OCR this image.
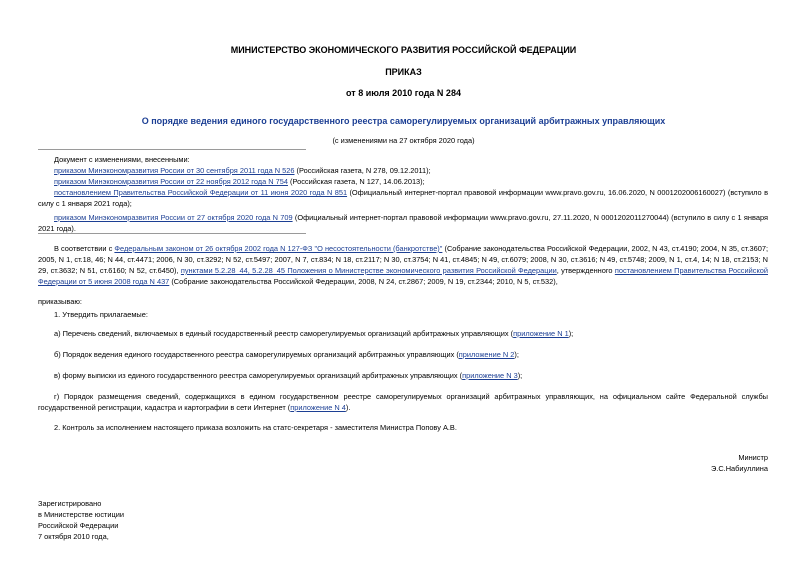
МИНИСТЕРСТВО ЭКОНОМИЧЕСКОГО РАЗВИТИЯ РОССИЙСКОЙ ФЕДЕРАЦИИ
ПРИКАЗ
от 8 июля 2010 года N 284
О порядке ведения единого государственного реестра саморегулируемых организаций арбитражных управляющих
(с изменениями на 27 октября 2020 года)
Документ с изменениями, внесенными:
приказом Минэкономразвития России от 30 сентября 2011 года N 526 (Российская газета, N 278, 09.12.2011);
приказом Минэкономразвития России от 22 ноября 2012 года N 754 (Российская газета, N 127, 14.06.2013);
постановлением Правительства Российской Федерации от 11 июня 2020 года N 851 (Официальный интернет-портал правовой информации www.pravo.gov.ru, 16.06.2020, N 0001202006160027) (вступило в силу с 1 января 2021 года);
приказом Минэкономразвития России от 27 октября 2020 года N 709 (Официальный интернет-портал правовой информации www.pravo.gov.ru, 27.11.2020, N 0001202011270044) (вступило в силу с 1 января 2021 года).
В соответствии с Федеральным законом от 26 октября 2002 года N 127-ФЗ "О несостоятельности (банкротстве)" (Собрание законодательства Российской Федерации, 2002, N 43, ст.4190; 2004, N 35, ст.3607; 2005, N 1, ст.18, 46; N 44, ст.4471; 2006, N 30, ст.3292; N 52, ст.5497; 2007, N 7, ст.834; N 18, ст.2117; N 30, ст.3754; N 41, ст.4845; N 49, ст.6079; 2008, N 30, ст.3616; N 49, ст.5748; 2009, N 1, ст.4, 14; N 18, ст.2153; N 29, ст.3632; N 51, ст.6160; N 52, ст.6450), пунктами 5.2.28_44, 5.2.28_45 Положения о Министерстве экономического развития Российской Федерации, утвержденного постановлением Правительства Российской Федерации от 5 июня 2008 года N 437 (Собрание законодательства Российской Федерации, 2008, N 24, ст.2867; 2009, N 19, ст.2344; 2010, N 5, ст.532),
приказываю:
1. Утвердить прилагаемые:
а) Перечень сведений, включаемых в единый государственный реестр саморегулируемых организаций арбитражных управляющих (приложение N 1);
б) Порядок ведения единого государственного реестра саморегулируемых организаций арбитражных управляющих (приложение N 2);
в) форму выписки из единого государственного реестра саморегулируемых организаций арбитражных управляющих (приложение N 3);
г) Порядок размещения сведений, содержащихся в едином государственном реестре саморегулируемых организаций арбитражных управляющих, на официальном сайте Федеральной службы государственной регистрации, кадастра и картографии в сети Интернет (приложение N 4).
2. Контроль за исполнением настоящего приказа возложить на статс-секретаря - заместителя Министра Попову А.В.
Министр
Э.С.Набиуллина
Зарегистрировано
в Министерстве юстиции
Российской Федерации
7 октября 2010 года,
